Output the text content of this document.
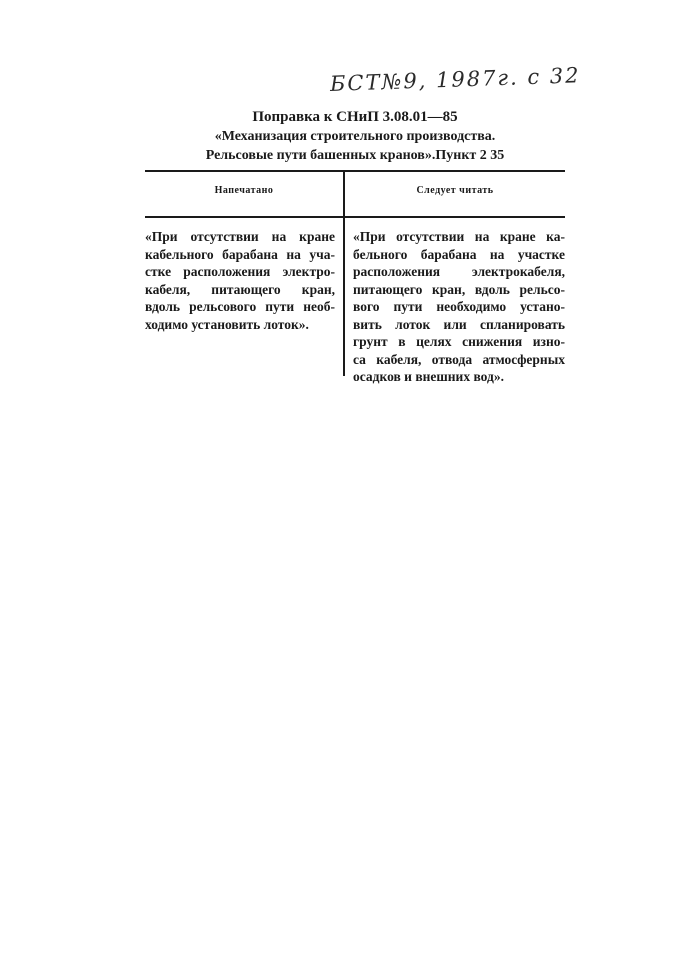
БСТ№9, 1987г. с 32
Поправка к СНиП 3.08.01—85
«Механизация строительного производства.
Рельсовые пути башенных кранов».Пункт 2 35
Напечатано	Следует читать
«При отсутствии на кране
кабельного барабана на уча-
стке расположения электро-
кабеля, питающего кран,
вдоль рельсового пути необ-
ходимо установить лоток».
«При отсутствии на кране ка-
бельного барабана на участке
расположения электрокабеля,
питающего кран, вдоль рельсо-
вого пути необходимо устано-
вить лоток или спланировать
грунт в целях снижения изно-
са кабеля, отвода атмосферных
осадков и внешних вод».
